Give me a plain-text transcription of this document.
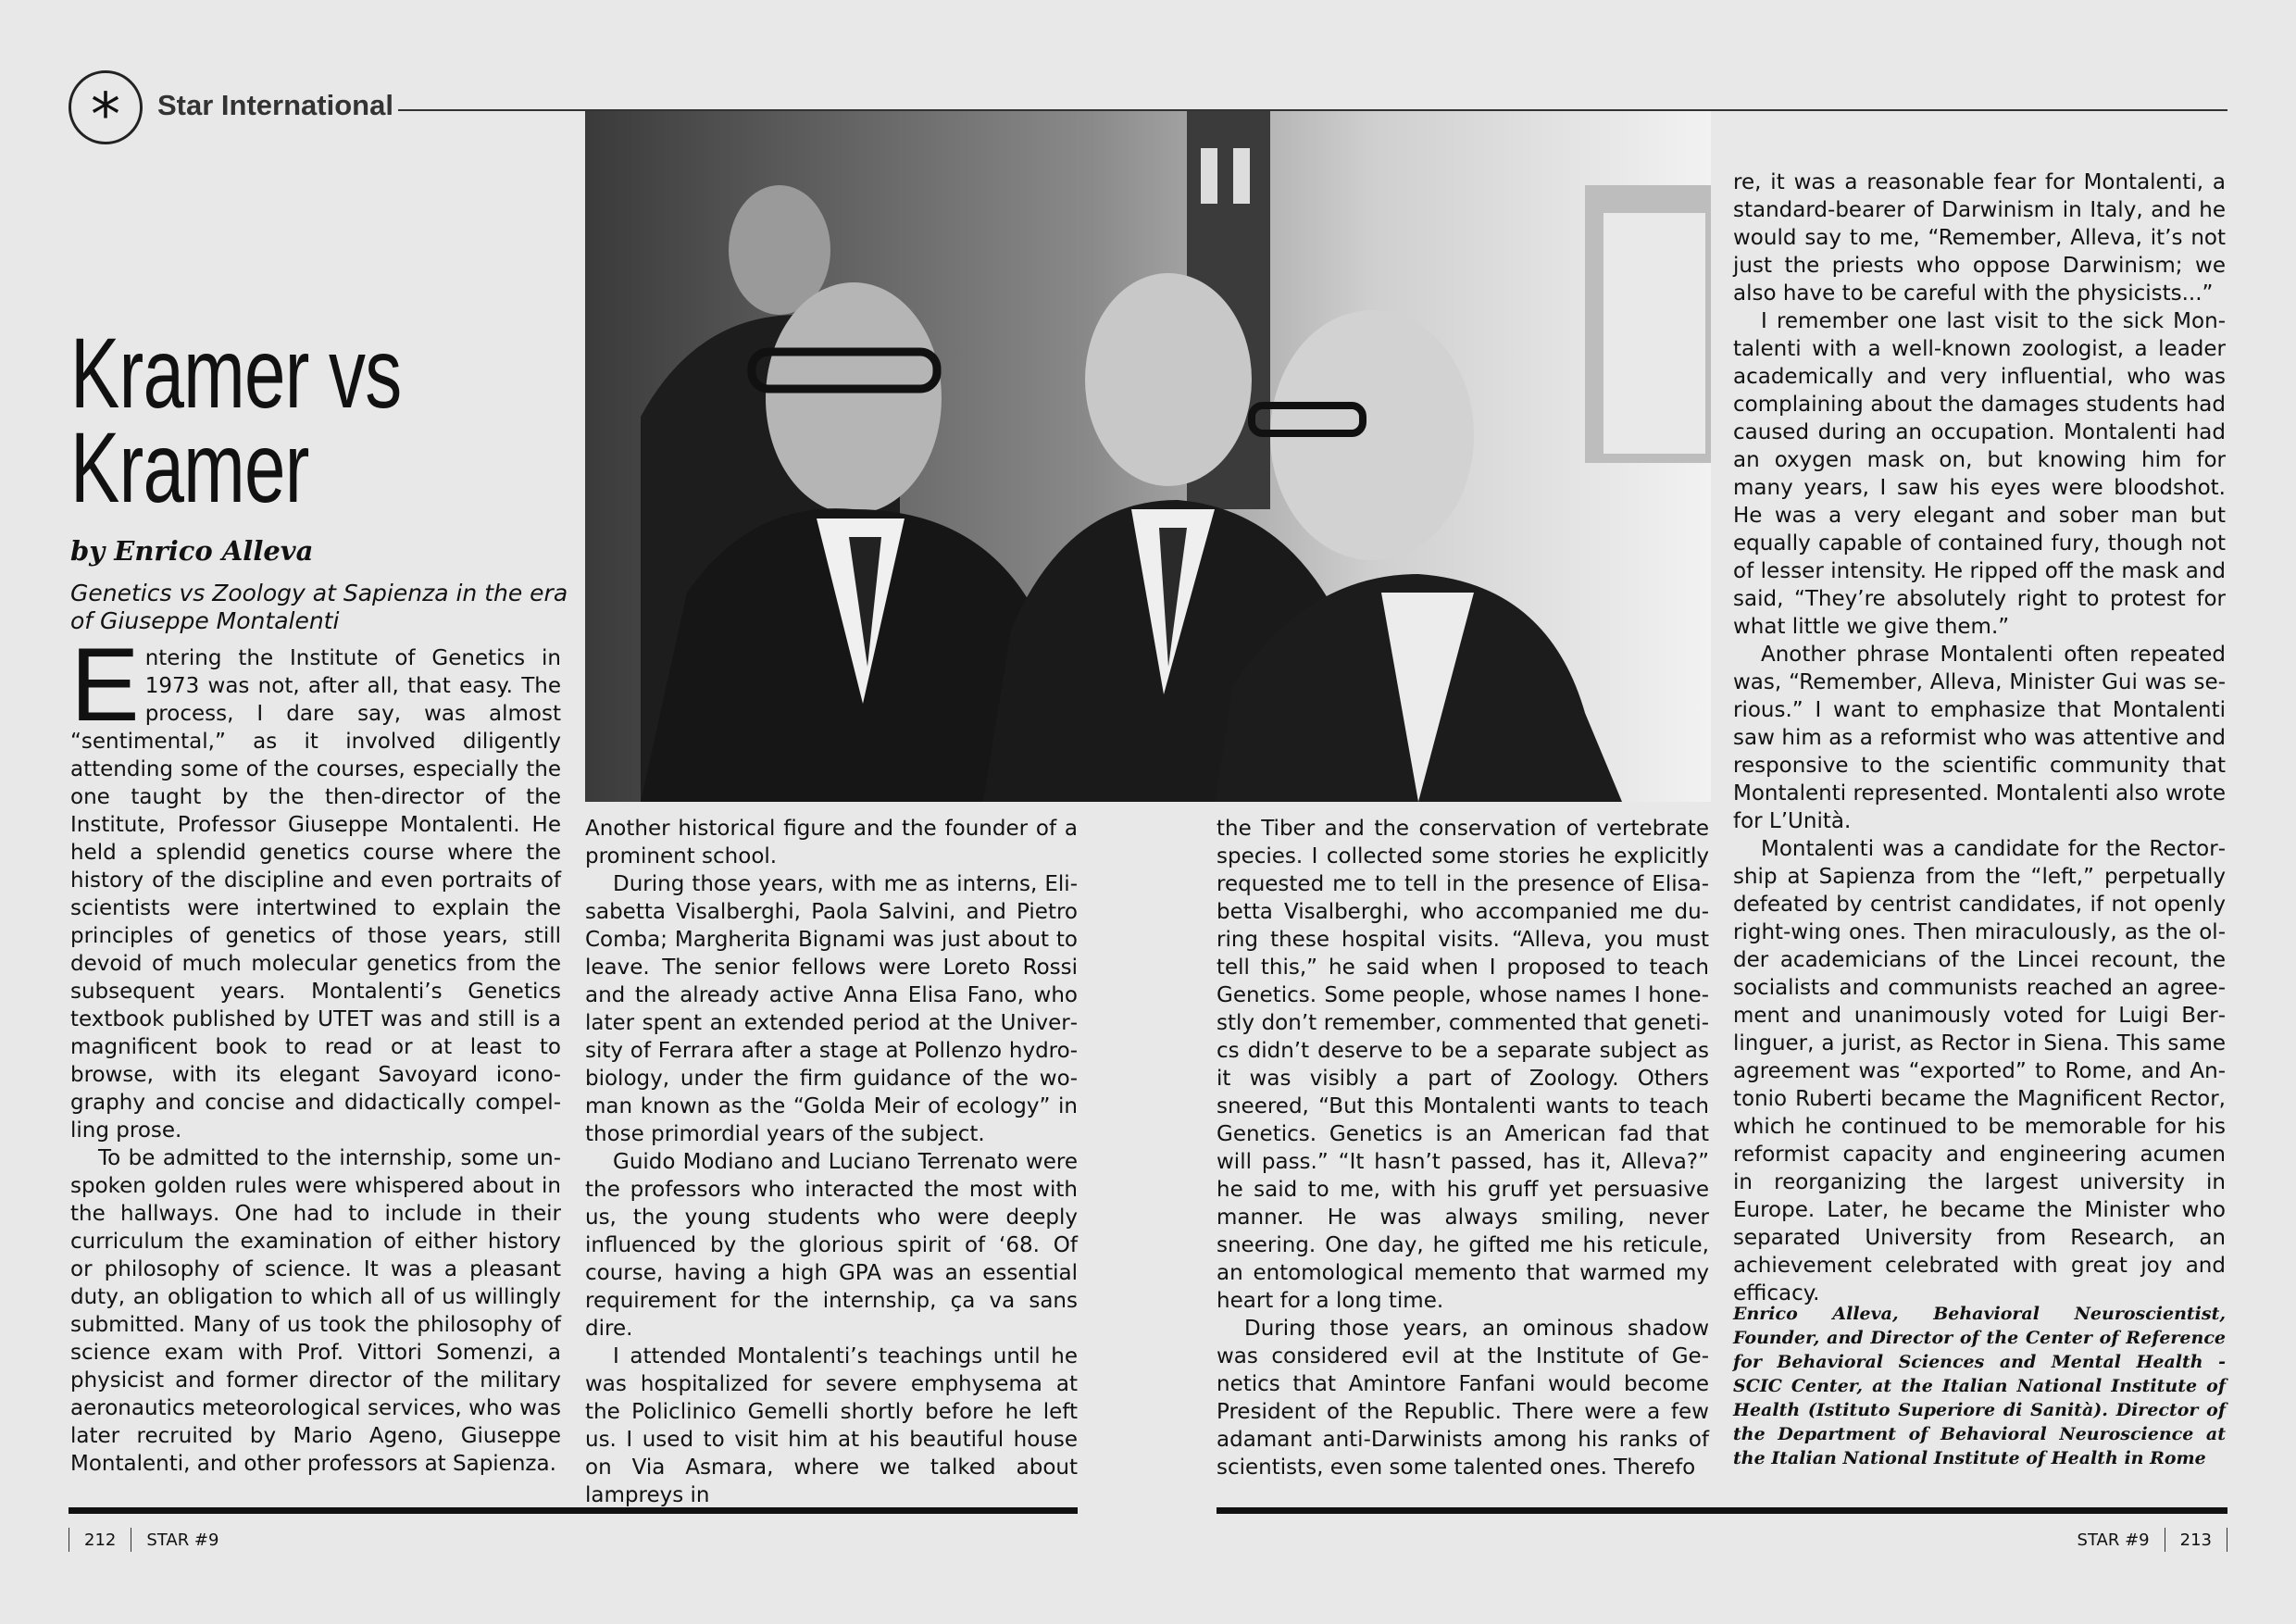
* Star International
Kramer vs
Kramer
by Enrico Alleva
Genetics vs Zoology at Sapienza in the era of Giuseppe Montalenti
E ntering the Institute of Genetics in 1973 was not, after all, that easy. The process, I dare say, was almost “sentimental,” as it involved diligently attending some of the courses, especially the one taught by the then-director of the Institute, Professor Giuseppe Montalenti. He held a splendid genetics course where the history of the discipline and even portraits of scientists were intertwined to explain the principles of genetics of those years, still devoid of much molecular genetics from the subsequent years. Montalenti’s Genetics textbook published by UTET was and still is a magnificent book to read or at least to browse, with its elegant Savoyard iconography and concise and didactically compelling prose.

To be admitted to the internship, some unspoken golden rules were whispered about in the hallways. One had to include in their curriculum the examination of either history or philosophy of science. It was a pleasant duty, an obligation to which all of us willingly submitted. Many of us took the philosophy of science exam with Prof. Vittori Somenzi, a physicist and former director of the military aeronautics meteorological services, who was later recruited by Mario Ageno, Giuseppe Montalenti, and other professors at Sapienza.

Another historical figure and the founder of a prominent school.

During those years, with me as interns, Elisabetta Visalberghi, Paola Salvini, and Pietro Comba; Margherita Bignami was just about to leave. The senior fellows were Loreto Rossi and the already active Anna Elisa Fano, who later spent an extended period at the University of Ferrara after a stage at Pollenzo hydrobiology, under the firm guidance of the woman known as the “Golda Meir of ecology” in those primordial years of the subject.

Guido Modiano and Luciano Terrenato were the professors who interacted the most with us, the young students who were deeply influenced by the glorious spirit of ‘68. Of course, having a high GPA was an essential requirement for the internship, ça va sans dire.

I attended Montalenti’s teachings until he was hospitalized for severe emphysema at the Policlinico Gemelli shortly before he left us. I used to visit him at his beautiful house on Via Asmara, where we talked about lampreys in

the Tiber and the conservation of vertebrate species. I collected some stories he explicitly requested me to tell in the presence of Elisabetta Visalberghi, who accompanied me during these hospital visits. “Alleva, you must tell this,” he said when I proposed to teach Genetics. Some people, whose names I honestly don’t remember, commented that genetics didn’t deserve to be a separate subject as it was visibly a part of Zoology. Others sneered, “But this Montalenti wants to teach Genetics. Genetics is an American fad that will pass.” “It hasn’t passed, has it, Alleva?” he said to me, with his gruff yet persuasive manner. He was always smiling, never sneering. One day, he gifted me his reticule, an entomological memento that warmed my heart for a long time.

During those years, an ominous shadow was considered evil at the Institute of Genetics that Amintore Fanfani would become President of the Republic. There were a few adamant anti-Darwinists among his ranks of scientists, even some talented ones. Therefo

re, it was a reasonable fear for Montalenti, a standard-bearer of Darwinism in Italy, and he would say to me, “Remember, Alleva, it’s not just the priests who oppose Darwinism; we also have to be careful with the physicists...”

I remember one last visit to the sick Montalenti with a well-known zoologist, a leader academically and very influential, who was complaining about the damages students had caused during an occupation. Montalenti had an oxygen mask on, but knowing him for many years, I saw his eyes were bloodshot. He was a very elegant and sober man but equally capable of contained fury, though not of lesser intensity. He ripped off the mask and said, “They’re absolutely right to protest for what little we give them.”

Another phrase Montalenti often repeated was, “Remember, Alleva, Minister Gui was serious.” I want to emphasize that Montalenti saw him as a reformist who was attentive and responsive to the scientific community that Montalenti represented. Montalenti also wrote for L’Unità.

Montalenti was a candidate for the Rectorship at Sapienza from the “left,” perpetually defeated by centrist candidates, if not openly right-wing ones. Then miraculously, as the older academicians of the Lincei recount, the socialists and communists reached an agreement and unanimously voted for Luigi Berlinguer, a jurist, as Rector in Siena. This same agreement was “exported” to Rome, and Antonio Ruberti became the Magnificent Rector, which he continued to be memorable for his reformist capacity and engineering acumen in reorganizing the largest university in Europe. Later, he became the Minister who separated University from Research, an achievement celebrated with great joy and efficacy.

Enrico Alleva, Behavioral Neuroscientist, Founder, and Director of the Center of Reference for Behavioral Sciences and Mental Health - SCIC Center, at the Italian National Institute of Health (Istituto Superiore di Sanità). Director of the Department of Behavioral Neuroscience at the Italian National Institute of Health in Rome
212 STAR #9	STAR #9 213
